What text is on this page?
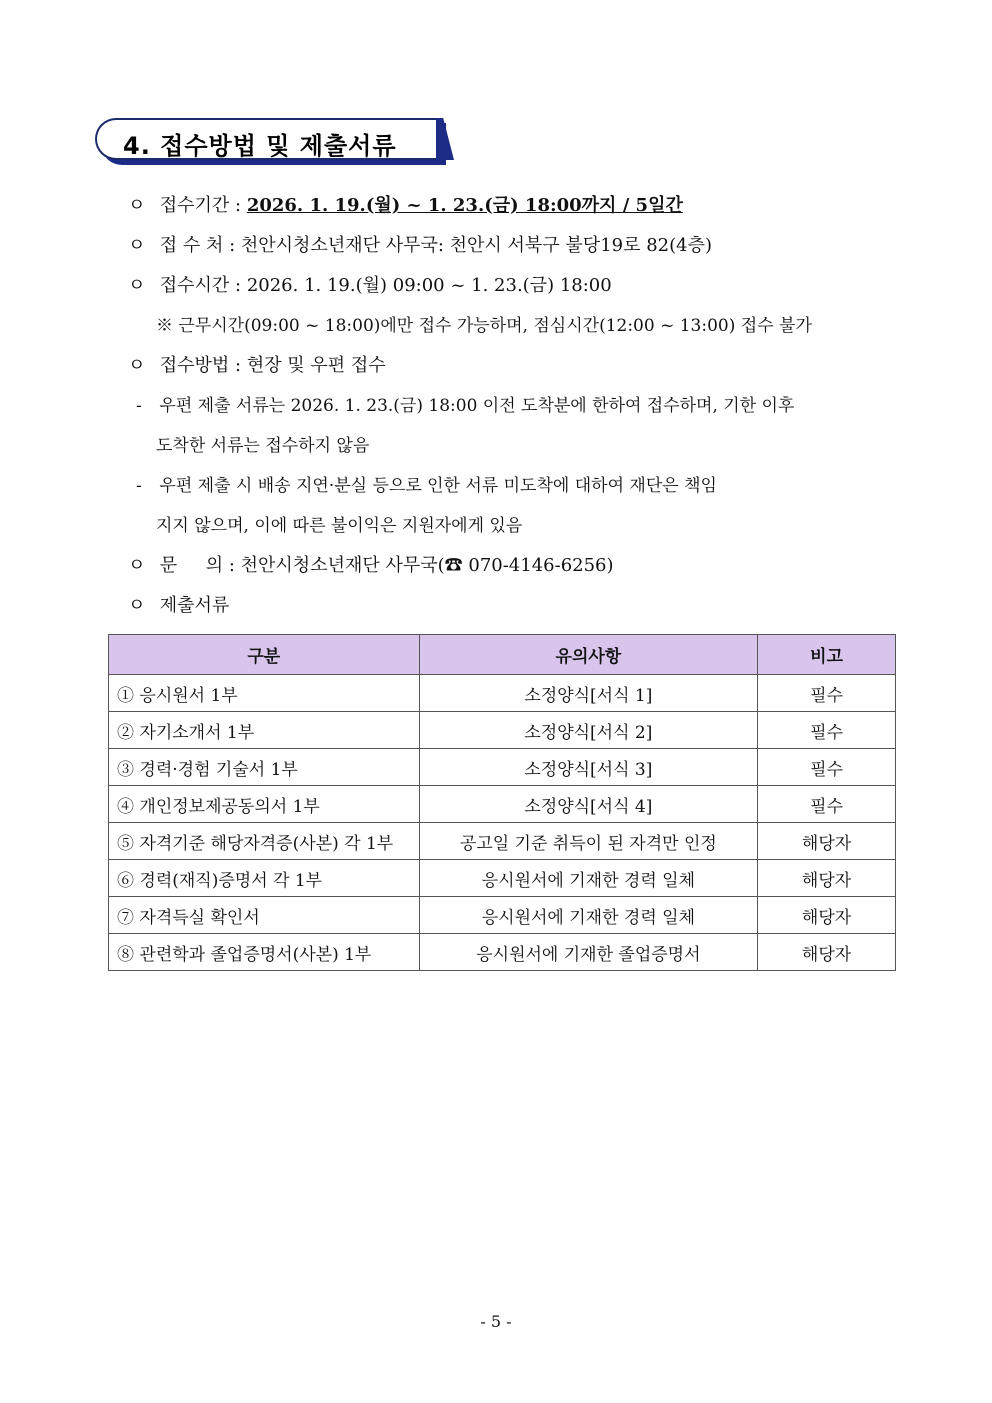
4. 접수방법 및 제출서류
ㅇ 접수기간 : 2026. 1. 19.(월) ~ 1. 23.(금) 18:00까지 / 5일간
ㅇ 접 수 처 : 천안시청소년재단 사무국: 천안시 서북구 불당19로 82(4층)
ㅇ 접수시간 : 2026. 1. 19.(월) 09:00 ~ 1. 23.(금) 18:00
※ 근무시간(09:00 ~ 18:00)에만 접수 가능하며, 점심시간(12:00 ~ 13:00) 접수 불가
ㅇ 접수방법 : 현장 및 우편 접수
- 우편 제출 서류는 2026. 1. 23.(금) 18:00 이전 도착분에 한하여 접수하며, 기한 이후
도착한 서류는 접수하지 않음
- 우편 제출 시 배송 지연·분실 등으로 인한 서류 미도착에 대하여 재단은 책임
지지 않으며, 이에 따른 불이익은 지원자에게 있음
ㅇ 문     의 : 천안시청소년재단 사무국(☎ 070-4146-6256)
ㅇ 제출서류
구분	유의사항	비고
① 응시원서 1부	소정양식[서식 1]	필수
② 자기소개서 1부	소정양식[서식 2]	필수
③ 경력·경험 기술서 1부	소정양식[서식 3]	필수
④ 개인정보제공동의서 1부	소정양식[서식 4]	필수
⑤ 자격기준 해당자격증(사본) 각 1부	공고일 기준 취득이 된 자격만 인정	해당자
⑥ 경력(재직)증명서 각 1부	응시원서에 기재한 경력 일체	해당자
⑦ 자격득실 확인서	응시원서에 기재한 경력 일체	해당자
⑧ 관련학과 졸업증명서(사본) 1부	응시원서에 기재한 졸업증명서	해당자
- 5 -
